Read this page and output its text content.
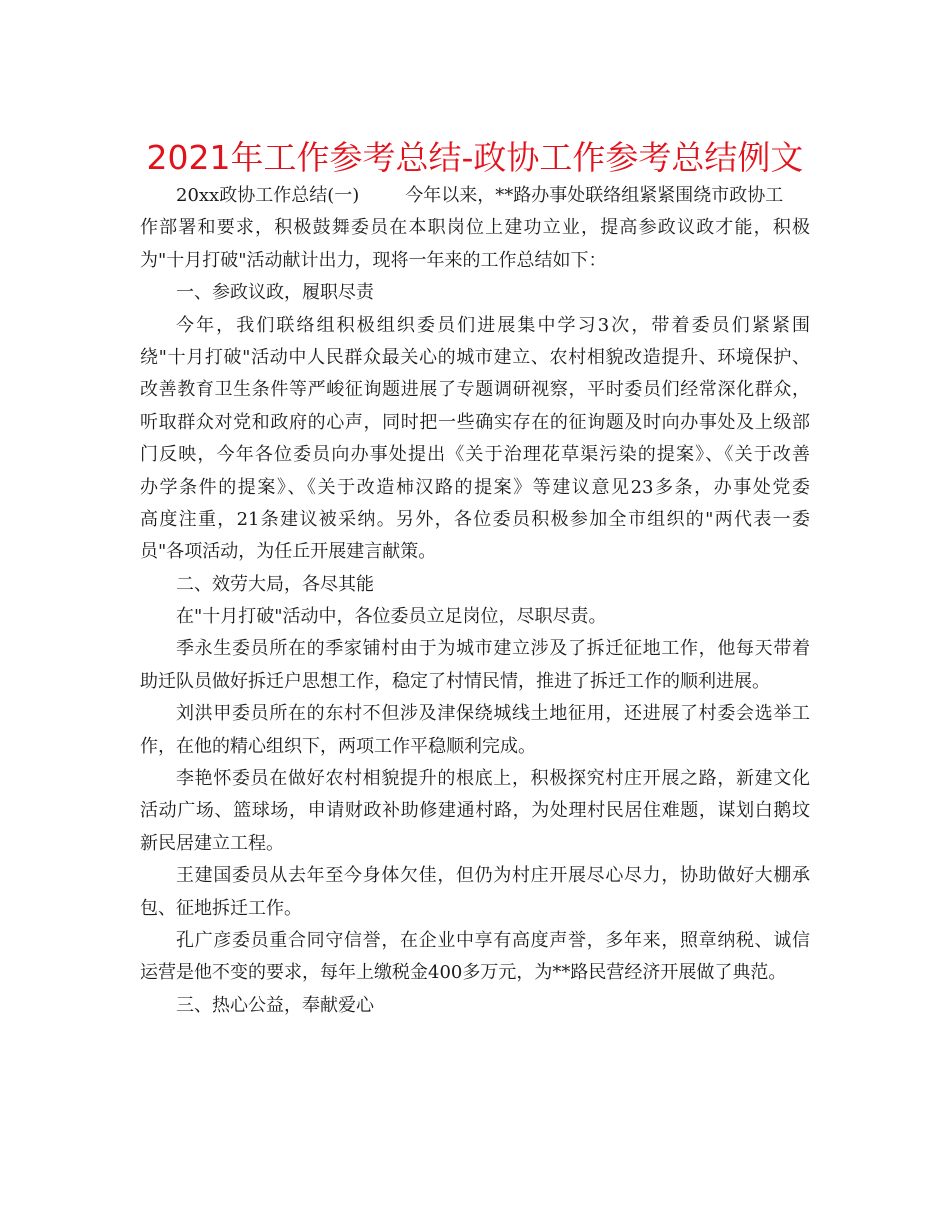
2021年工作参考总结-政协工作参考总结例文

20xx政协工作总结(一)	今年以来，**路办事处联络组紧紧围绕市政协工

作部署和要求，积极鼓舞委员在本职岗位上建功立业，提高参政议政才能，积极

为"十月打破"活动献计出力，现将一年来的工作总结如下：

一、参政议政，履职尽责

今年，我们联络组积极组织委员们进展集中学习3次，带着委员们紧紧围

绕"十月打破"活动中人民群众最关心的城市建立、农村相貌改造提升、环境保护、

改善教育卫生条件等严峻征询题进展了专题调研视察，平时委员们经常深化群众，

听取群众对党和政府的心声，同时把一些确实存在的征询题及时向办事处及上级部

门反映，今年各位委员向办事处提出《关于治理花草渠污染的提案》、《关于改善

办学条件的提案》、《关于改造柿汉路的提案》等建议意见23多条，办事处党委

高度注重，21条建议被采纳。另外，各位委员积极参加全市组织的"两代表一委

员"各项活动，为任丘开展建言献策。

二、效劳大局，各尽其能

在"十月打破"活动中，各位委员立足岗位，尽职尽责。

季永生委员所在的季家铺村由于为城市建立涉及了拆迁征地工作，他每天带着

助迁队员做好拆迁户思想工作，稳定了村情民情，推进了拆迁工作的顺利进展。

刘洪甲委员所在的东村不但涉及津保绕城线土地征用，还进展了村委会选举工

作，在他的精心组织下，两项工作平稳顺利完成。

李艳怀委员在做好农村相貌提升的根底上，积极探究村庄开展之路，新建文化

活动广场、篮球场，申请财政补助修建通村路，为处理村民居住难题，谋划白鹅坟

新民居建立工程。

王建国委员从去年至今身体欠佳，但仍为村庄开展尽心尽力，协助做好大棚承

包、征地拆迁工作。

孔广彦委员重合同守信誉，在企业中享有高度声誉，多年来，照章纳税、诚信

运营是他不变的要求，每年上缴税金400多万元，为**路民营经济开展做了典范。

三、热心公益，奉献爱心
